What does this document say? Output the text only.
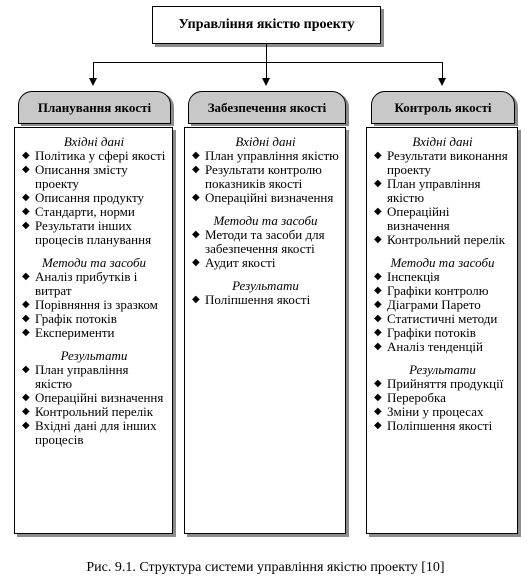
Управління якістю проекту
Планування якості	Забезпечення якості	Контроль якості
Вхідні дані
◆ Політика у сфері якості
◆ Описання змісту проекту
◆ Описання продукту
◆ Стандарти, норми
◆ Результати інших процесів планування
Методи та засоби
◆ Аналіз прибутків і витрат
◆ Порівняння із зразком
◆ Графік потоків
◆ Експерименти
Результати
◆ План управління якістю
◆ Операційні визначення
◆ Контрольний перелік
◆ Вхідні дані для інших процесів
Вхідні дані
◆ План управління якістю
◆ Результати контролю показників якості
◆ Операційні визначення
Методи та засоби
◆ Методи та засоби для забезпечення якості
◆ Аудит якості
Результати
◆ Поліпшення якості
Вхідні дані
◆ Результати виконання проекту
◆ План управління якістю
◆ Операційні визначення
◆ Контрольний перелік
Методи та засоби
◆ Інспекція
◆ Графіки контролю
◆ Діаграми Парето
◆ Статистичні методи
◆ Графіки потоків
◆ Аналіз тенденцій
Результати
◆ Прийняття продукції
◆ Переробка
◆ Зміни у процесах
◆ Поліпшення якості
Рис. 9.1. Структура системи управління якістю проекту [10]
